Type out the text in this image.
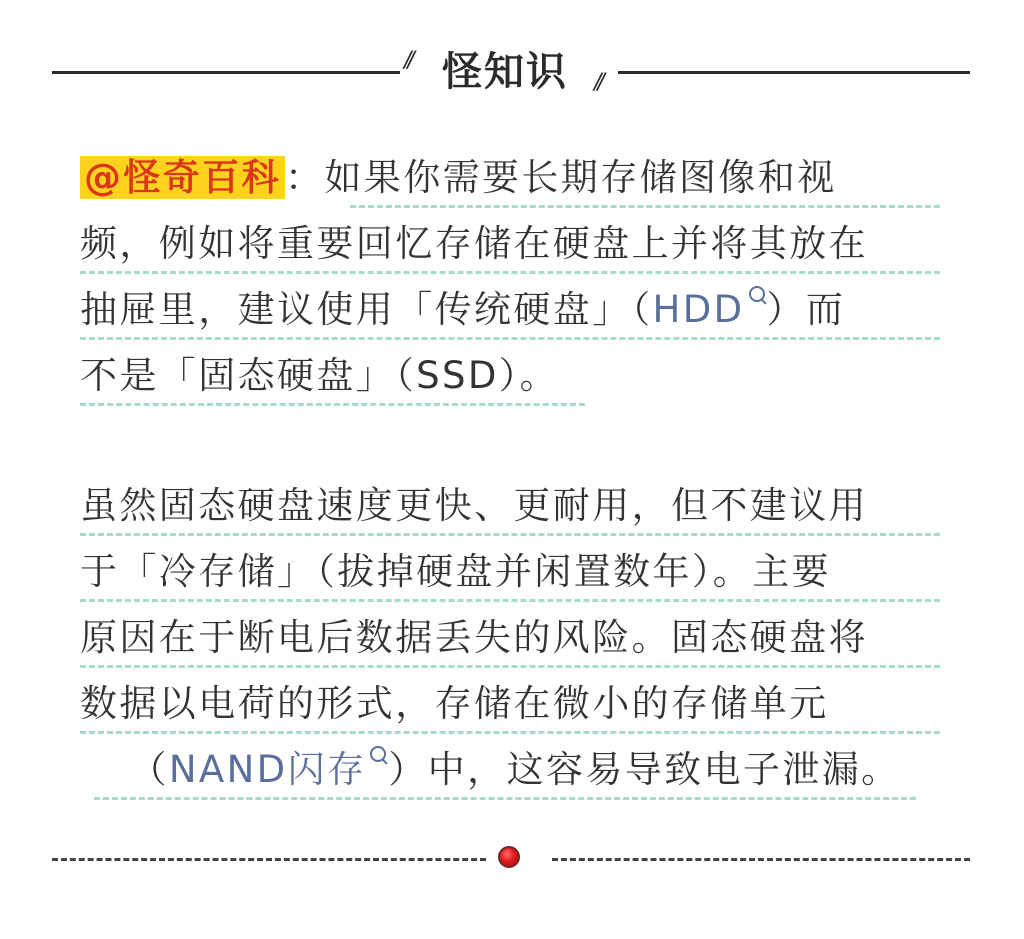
// 怪知识 //
@怪奇百科 ：如果你需要长期存储图像和视
频，例如将重要回忆存储在硬盘上并将其放在
抽屉里，建议使用「传统硬盘」（HDD ）而
不是「固态硬盘」（SSD）。
虽然固态硬盘速度更快、更耐用，但不建议用
于「冷存储」（拔掉硬盘并闲置数年）。主要
原因在于断电后数据丢失的风险。固态硬盘将
数据以电荷的形式，存储在微小的存储单元
（NAND闪存 ）中，这容易导致电子泄漏。
